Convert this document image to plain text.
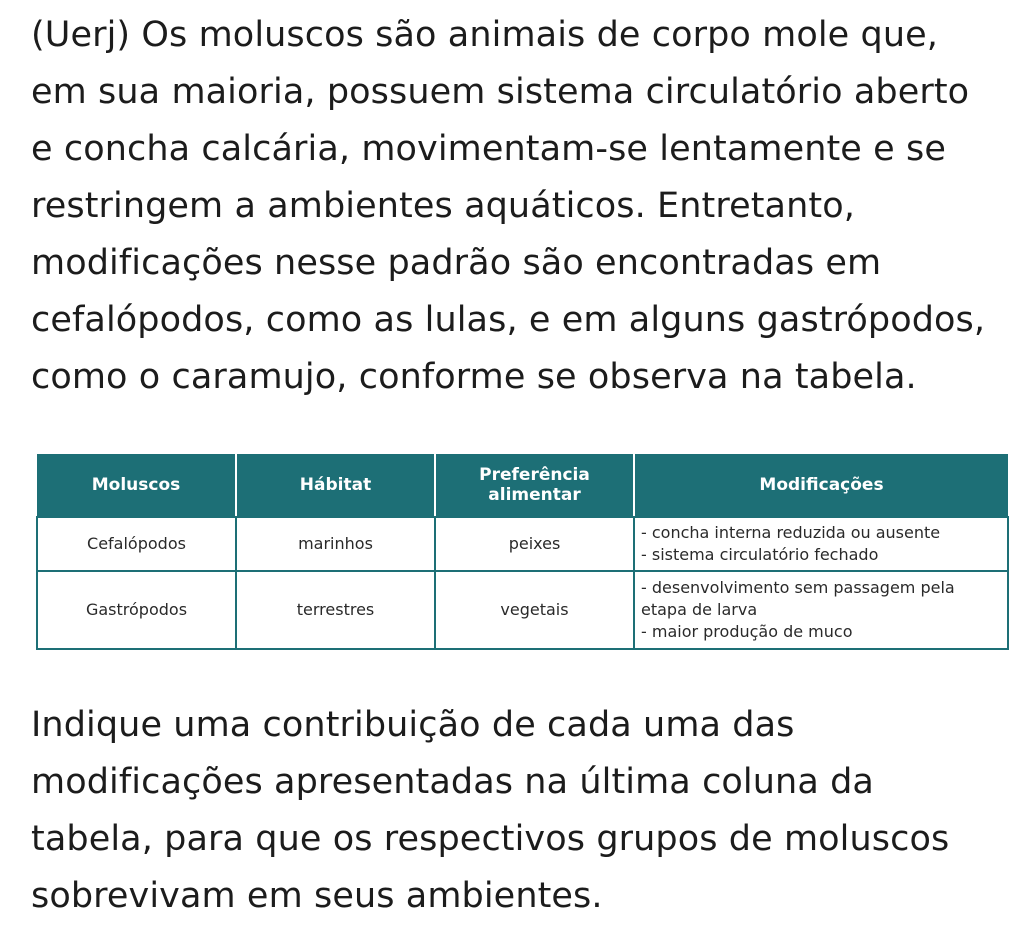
(Uerj) Os moluscos são animais de corpo mole que,
em sua maioria, possuem sistema circulatório aberto
e concha calcária, movimentam-se lentamente e se
restringem a ambientes aquáticos. Entretanto,
modificações nesse padrão são encontradas em
cefalópodos, como as lulas, e em alguns gastrópodos,
como o caramujo, conforme se observa na tabela.

Moluscos	Hábitat	Preferência alimentar	Modificações
Cefalópodos	marinhos	peixes	- concha interna reduzida ou ausente
- sistema circulatório fechado

Gastrópodos	terrestres	vegetais	- desenvolvimento sem passagem pela
etapa de larva
- maior produção de muco

Indique uma contribuição de cada uma das
modificações apresentadas na última coluna da
tabela, para que os respectivos grupos de moluscos
sobrevivam em seus ambientes.
